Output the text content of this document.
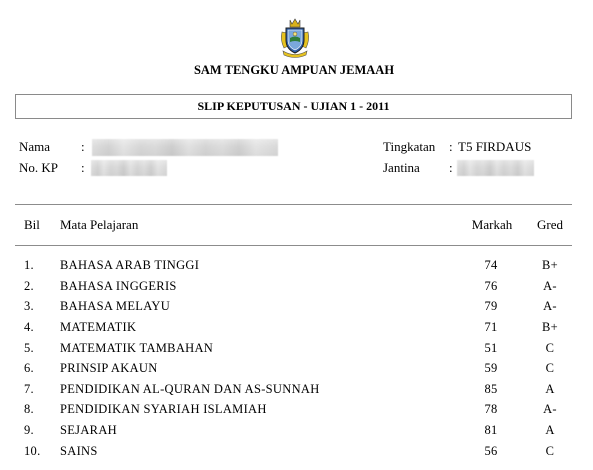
SAM TENGKU AMPUAN JEMAAH
SLIP KEPUTUSAN - UJIAN 1 - 2011
Nama :	Tingkatan : T5 FIRDAUS
No. KP :	Jantina :
Bil Mata Pelajaran	Markah	Gred
1. BAHASA ARAB TINGGI	74	B+
2. BAHASA INGGERIS	76	A-
3. BAHASA MELAYU	79	A-
4. MATEMATIK	71	B+
5. MATEMATIK TAMBAHAN	51	C
6. PRINSIP AKAUN	59	C
7. PENDIDIKAN AL-QURAN DAN AS-SUNNAH	85	A
8. PENDIDIKAN SYARIAH ISLAMIAH	78	A-
9. SEJARAH	81	A
10. SAINS	56	C
